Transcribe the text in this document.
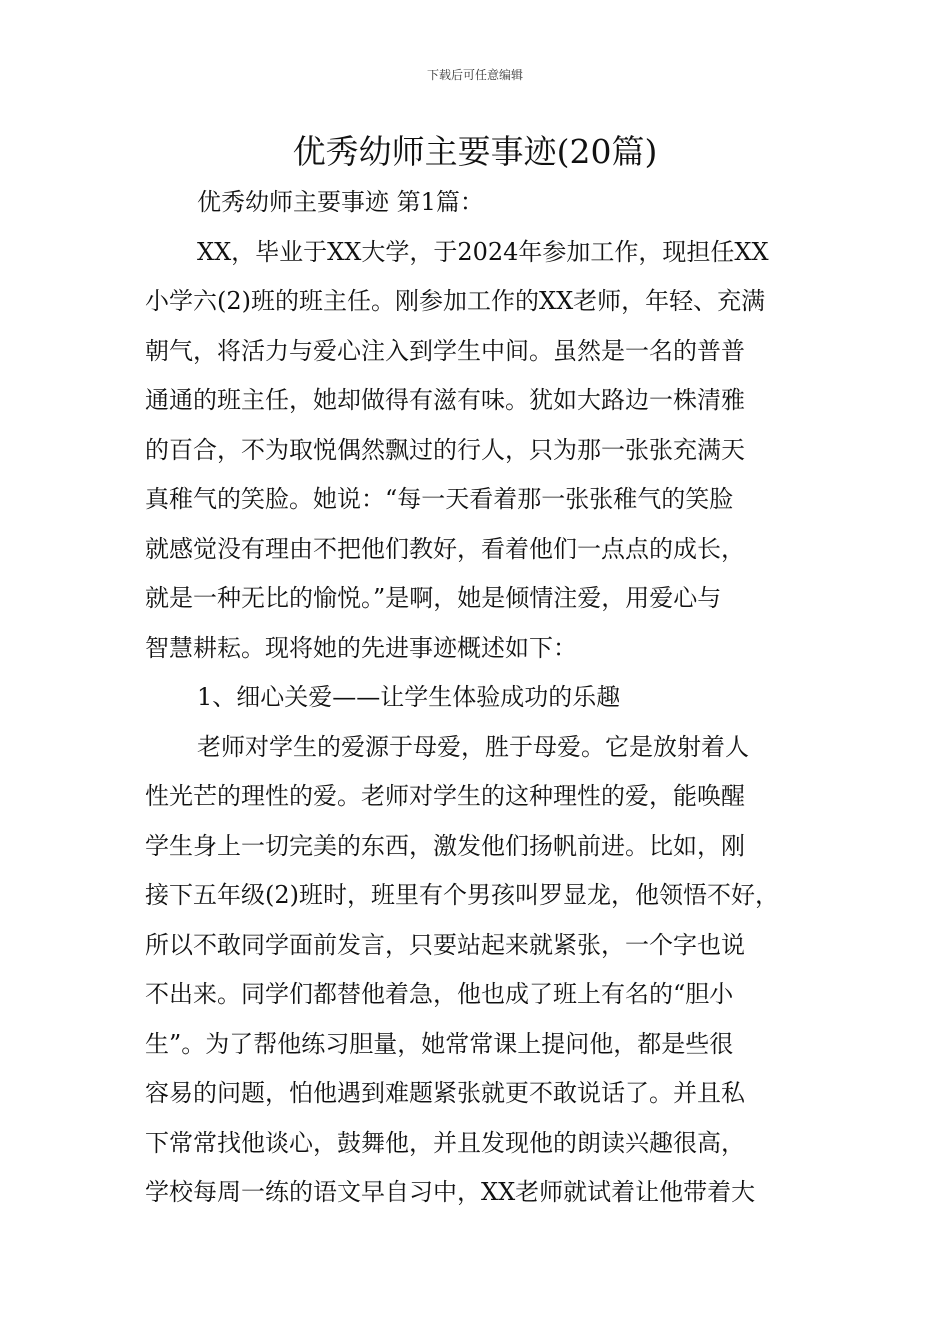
下载后可任意编辑
优秀幼师主要事迹(20篇)
优秀幼师主要事迹 第1篇：
XX，毕业于XX大学，于2024年参加工作，现担任XX
小学六(2)班的班主任。刚参加工作的XX老师，年轻、充满
朝气，将活力与爱心注入到学生中间。虽然是一名的普普
通通的班主任，她却做得有滋有味。犹如大路边一株清雅
的百合，不为取悦偶然飘过的行人，只为那一张张充满天
真稚气的笑脸。她说：“每一天看着那一张张稚气的笑脸
就感觉没有理由不把他们教好，看着他们一点点的成长，
就是一种无比的愉悦。”是啊，她是倾情注爱，用爱心与
智慧耕耘。现将她的先进事迹概述如下：
1、细心关爱——让学生体验成功的乐趣
老师对学生的爱源于母爱，胜于母爱。它是放射着人
性光芒的理性的爱。老师对学生的这种理性的爱，能唤醒
学生身上一切完美的东西，激发他们扬帆前进。比如，刚
接下五年级(2)班时，班里有个男孩叫罗显龙，他领悟不好，
所以不敢同学面前发言，只要站起来就紧张，一个字也说
不出来。同学们都替他着急，他也成了班上有名的“胆小
生”。为了帮他练习胆量，她常常课上提问他，都是些很
容易的问题，怕他遇到难题紧张就更不敢说话了。并且私
下常常找他谈心，鼓舞他，并且发现他的朗读兴趣很高，
学校每周一练的语文早自习中，XX老师就试着让他带着大
